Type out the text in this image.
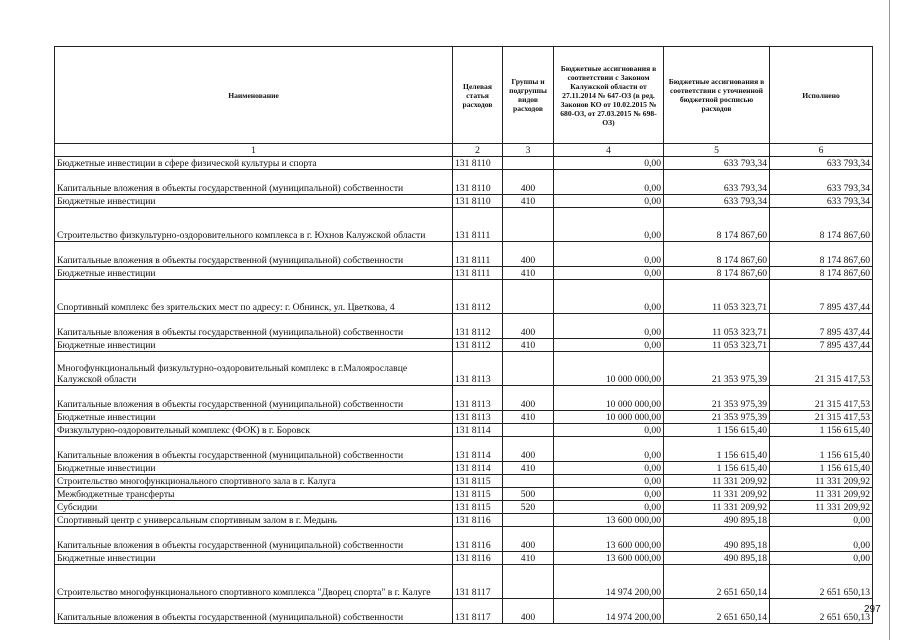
Наименование	Целевая статья расходов	Группы и подгруппы видов расходов	Бюджетные ассигнования в соответствии с Законом Калужской области от 27.11.2014 № 647-ОЗ (в ред. Законов КО от 10.02.2015 № 680-ОЗ, от 27.03.2015 № 698-ОЗ)	Бюджетные ассигнования в соответствии с уточненной бюджетной росписью расходов	Исполнено
1	2	3	4	5	6
Бюджетные инвестиции в сфере физической культуры и спорта	131 8110		0,00	633 793,34	633 793,34
Капитальные вложения в объекты государственной (муниципальной) собственности	131 8110	400	0,00	633 793,34	633 793,34
Бюджетные инвестиции	131 8110	410	0,00	633 793,34	633 793,34
Строительство физкультурно-оздоровительного комплекса в г. Юхнов Калужской области	131 8111		0,00	8 174 867,60	8 174 867,60
Капитальные вложения в объекты государственной (муниципальной) собственности	131 8111	400	0,00	8 174 867,60	8 174 867,60
Бюджетные инвестиции	131 8111	410	0,00	8 174 867,60	8 174 867,60
Спортивный комплекс без зрительских мест по адресу: г. Обнинск, ул. Цветкова, 4	131 8112		0,00	11 053 323,71	7 895 437,44
Капитальные вложения в объекты государственной (муниципальной) собственности	131 8112	400	0,00	11 053 323,71	7 895 437,44
Бюджетные инвестиции	131 8112	410	0,00	11 053 323,71	7 895 437,44
Многофункциональный физкультурно-оздоровительный комплекс в г.Малоярославце Калужской области	131 8113		10 000 000,00	21 353 975,39	21 315 417,53
Капитальные вложения в объекты государственной (муниципальной) собственности	131 8113	400	10 000 000,00	21 353 975,39	21 315 417,53
Бюджетные инвестиции	131 8113	410	10 000 000,00	21 353 975,39	21 315 417,53
Физкультурно-оздоровительный комплекс (ФОК) в г. Боровск	131 8114		0,00	1 156 615,40	1 156 615,40
Капитальные вложения в объекты государственной (муниципальной) собственности	131 8114	400	0,00	1 156 615,40	1 156 615,40
Бюджетные инвестиции	131 8114	410	0,00	1 156 615,40	1 156 615,40
Строительство многофункционального спортивного зала в г. Калуга	131 8115		0,00	11 331 209,92	11 331 209,92
Межбюджетные трансферты	131 8115	500	0,00	11 331 209,92	11 331 209,92
Субсидии	131 8115	520	0,00	11 331 209,92	11 331 209,92
Спортивный центр с универсальным спортивным залом в г. Медынь	131 8116		13 600 000,00	490 895,18	0,00
Капитальные вложения в объекты государственной (муниципальной) собственности	131 8116	400	13 600 000,00	490 895,18	0,00
Бюджетные инвестиции	131 8116	410	13 600 000,00	490 895,18	0,00
Строительство многофункционального спортивного комплекса "Дворец спорта" в г. Калуге	131 8117		14 974 200,00	2 651 650,14	2 651 650,13
Капитальные вложения в объекты государственной (муниципальной) собственности	131 8117	400	14 974 200,00	2 651 650,14	2 651 650,13
297
